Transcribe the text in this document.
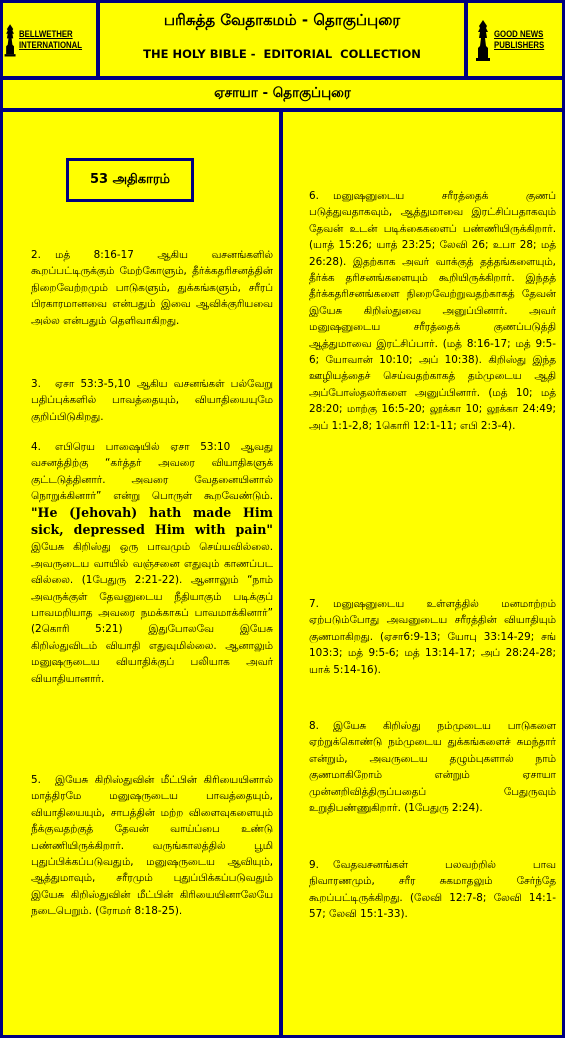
BELLWETHER
INTERNATIONAL
பரிசுத்த வேதாகமம் - தொகுப்புரை
THE HOLY BIBLE -  EDITORIAL  COLLECTION
GOOD NEWS
PUBLISHERS
ஏசாயா - தொகுப்புரை
53 அதிகாரம்
2. மத் 8:16-17 ஆகிய வசனங்களில் கூறப்பட்டிருக்கும் மேற்கோளும், தீர்க்கதரிசனத்தின் நிறைவேற்றமும் பாடுகளும், துக்கங்களும், சரீரப் பிரகாரமானவை என்பதும் இவை ஆவிக்குரியவை அல்ல என்பதும் தெளிவாகிறது.
3. ஏசா 53:3-5,10 ஆகிய வசனங்கள் பல்வேறு பதிப்புக்களில் பாவத்தையும், வியாதியையுமே குறிப்பிடுகிறது.
4. எபிரெய பாஷையில் ஏசா 53:10 ஆவது வசனத்திற்கு “கர்த்தர் அவரை வியாதிகளுக் குட்டடுத்தினார். அவரை வேதனையினால் நொறுக்கினார்” என்று பொருள் கூறவேண்டும். "He (Jehovah) hath made Him sick, depressed Him with pain" இயேசு கிறிஸ்து ஒரு பாவமும் செய்யவில்லை. அவருடைய வாயில் வஞ்சனை எதுவும் காணப்பட வில்லை. (1பேதுரு 2:21-22). ஆனாலும் “நாம் அவருக்குள் தேவனுடைய நீதியாகும் படிக்குப் பாவமறியாத அவரை நமக்காகப் பாவமாக்கினார்” (2கொரி 5:21) இதுபோலவே இயேசு கிறிஸ்துவிடம் வியாதி எதுவுமில்லை. ஆனாலும் மனுஷருடைய வியாதிக்குப் பலியாக அவர் வியாதியானார்.
5. இயேசு கிறிஸ்துவின் மீட்பின் கிரியையினால் மாத்திரமே மனுஷருடைய பாவத்தையும், வியாதியையும், சாபத்தின் மற்ற விளைவுகளையும் நீக்குவதற்குத் தேவன் வாய்ப்பை உண்டு பண்ணியிருக்கிறார். வருங்காலத்தில் பூமி புதுப்பிக்கப்படுவதும், மனுஷருடைய ஆவியும், ஆத்துமாவும், சரீரமும் புதுப்பிக்கப்படுவதும் இயேசு கிறிஸ்துவின் மீட்பின் கிரியையினாலேயே நடைபெறும். (ரோமர் 8:18-25).
6. மனுஷனுடைய சரீரத்தைக் குணப் படுத்துவதாகவும், ஆத்துமாவை இரட்சிப்பதாகவும் தேவன் உடன் படிக்கைகளைப் பண்ணியிருக்கிறார். (யாத் 15:26; யாத் 23:25; லேவி 26; உபா 28; மத் 26:28). இதற்காக அவர் வாக்குத் தத்தங்களையும், தீர்க்க தரிசனங்களையும் கூறியிருக்கிறார். இந்தத் தீர்க்கதரிசனங்களை நிறைவேற்றுவதற்காகத் தேவன் இயேசு கிறிஸ்துவை அனுப்பினார். அவர் மனுஷனுடைய சரீரத்தைக் குணப்படுத்தி ஆத்துமாவை இரட்சிப்பார். (மத் 8:16-17; மத் 9:5-6; யோவான் 10:10; அப் 10:38). கிறிஸ்து இந்த ஊழியத்தைச் செய்வதற்காகத் தம்முடைய ஆதி அப்போஸ்தலர்களை அனுப்பினார். (மத் 10; மத் 28:20; மாற்கு 16:5-20; லூக்கா 10; லூக்கா 24:49; அப் 1:1-2,8; 1கொரி 12:1-11; எபி 2:3-4).
7. மனுஷனுடைய உள்ளத்தில் மனமாற்றம் ஏற்படும்போது அவனுடைய சரீரத்தின் வியாதியும் குணமாகிறது. (ஏசா6:9-13; யோபு 33:14-29; சங் 103:3; மத் 9:5-6; மத் 13:14-17; அப் 28:24-28; யாக் 5:14-16).
8. இயேசு கிறிஸ்து நம்முடைய பாடுகளை ஏற்றுக்கொண்டு நம்முடைய துக்கங்களைச் சுமந்தார் என்றும், அவருடைய தழும்புகளால் நாம் குணமாகிறோம் என்றும் ஏசாயா முன்னறிவித்திருப்பதைப் பேதுருவும் உறுதிபண்ணுகிறார். (1பேதுரு 2:24).
9. வேதவசனங்கள் பலவற்றில் பாவ நிவாரணமும், சரீர சுகமாதலும் சேர்ந்தே கூறப்பட்டிருக்கிறது. (லேவி 12:7-8; லேவி 14:1-57; லேவி 15:1-33).
